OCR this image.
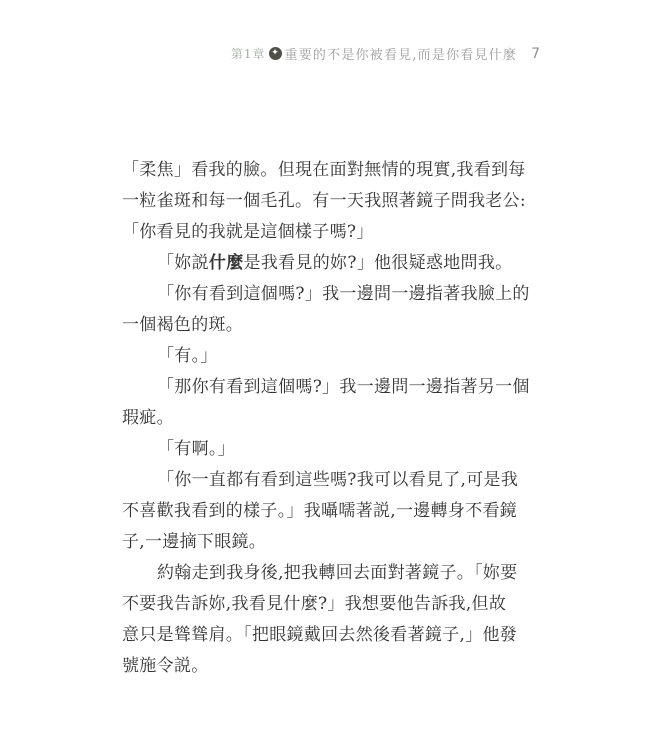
第1章 ✦ 重要的不是你被看見,而是你看見什麼 7
「柔焦」看我的臉。但現在面對無情的現實,我看到每
一粒雀斑和每一個毛孔。有一天我照著鏡子問我老公:
「你看見的我就是這個樣子嗎?」
「妳説什麼是我看見的妳?」他很疑惑地問我。
「你有看到這個嗎?」我一邊問一邊指著我臉上的
一個褐色的斑。
「有。」
「那你有看到這個嗎?」我一邊問一邊指著另一個
瑕疵。
「有啊。」
「你一直都有看到這些嗎?我可以看見了,可是我
不喜歡我看到的樣子。」我囁嚅著説,一邊轉身不看鏡
子,一邊摘下眼鏡。
約翰走到我身後,把我轉回去面對著鏡子。「妳要
不要我告訴妳,我看見什麼?」我想要他告訴我,但故
意只是聳聳肩。「把眼鏡戴回去然後看著鏡子,」他發
號施令説。
